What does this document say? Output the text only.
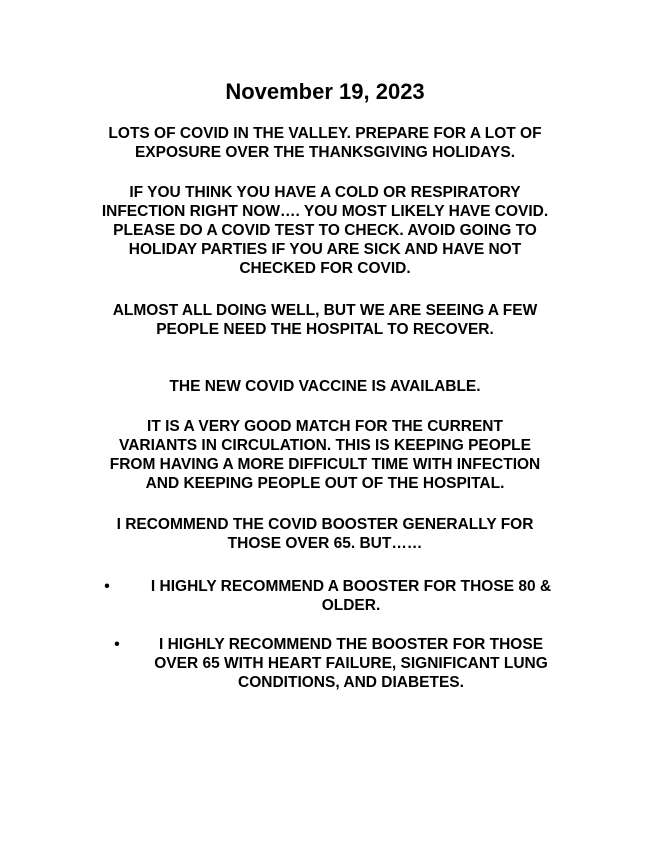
November 19, 2023
LOTS OF COVID IN THE VALLEY. PREPARE FOR A LOT OF
EXPOSURE OVER THE THANKSGIVING HOLIDAYS.
IF YOU THINK YOU HAVE A COLD OR RESPIRATORY
INFECTION RIGHT NOW…. YOU MOST LIKELY HAVE COVID.
PLEASE DO A COVID TEST TO CHECK. AVOID GOING TO
HOLIDAY PARTIES IF YOU ARE SICK AND HAVE NOT
CHECKED FOR COVID.
ALMOST ALL DOING WELL, BUT WE ARE SEEING A FEW
PEOPLE NEED THE HOSPITAL TO RECOVER.
THE NEW COVID VACCINE IS AVAILABLE.
IT IS A VERY GOOD MATCH FOR THE CURRENT
VARIANTS IN CIRCULATION. THIS IS KEEPING PEOPLE
FROM HAVING A MORE DIFFICULT TIME WITH INFECTION
AND KEEPING PEOPLE OUT OF THE HOSPITAL.
I RECOMMEND THE COVID BOOSTER GENERALLY FOR
THOSE OVER 65. BUT……
•	I HIGHLY RECOMMEND A BOOSTER FOR THOSE 80 &
OLDER.
•	I HIGHLY RECOMMEND THE BOOSTER FOR THOSE
OVER 65 WITH HEART FAILURE, SIGNIFICANT LUNG
CONDITIONS, AND DIABETES.
